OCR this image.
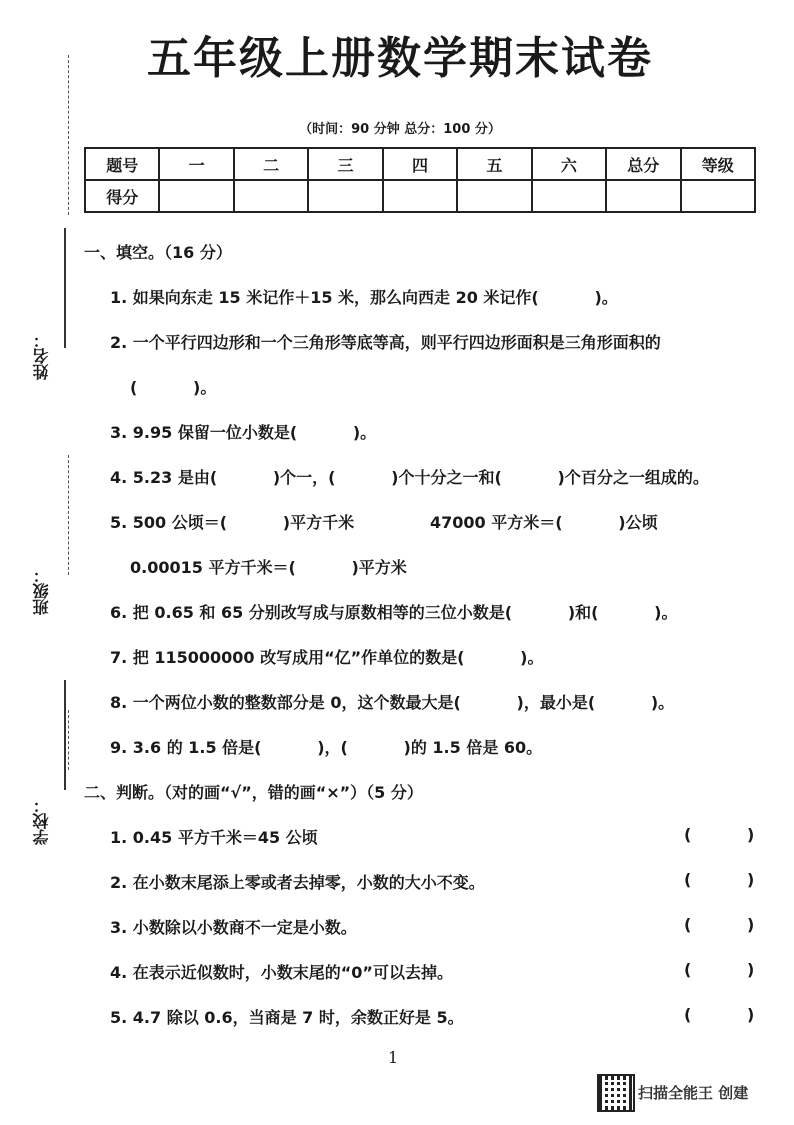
五年级上册数学期末试卷
（时间：90 分钟 总分：100 分）
题号	一	二	三	四	五	六	总分	等级
得分								
姓名：
班级：
学校：
一、填空。（16 分）
1. 如果向东走 15 米记作＋15 米，那么向西走 20 米记作(          )。
2. 一个平行四边形和一个三角形等底等高，则平行四边形面积是三角形面积的
(          )。
3. 9.95 保留一位小数是(          )。
4. 5.23 是由(          )个一，(          )个十分之一和(          )个百分之一组成的。
5. 500 公顷＝(          )平方千米	47000 平方米＝(          )公顷
0.00015 平方千米＝(          )平方米
6. 把 0.65 和 65 分别改写成与原数相等的三位小数是(          )和(          )。
7. 把 115000000 改写成用“亿”作单位的数是(          )。
8. 一个两位小数的整数部分是 0，这个数最大是(          )，最小是(          )。
9. 3.6 的 1.5 倍是(          )，(          )的 1.5 倍是 60。
二、判断。（对的画“√”，错的画“×”）（5 分）
1. 0.45 平方千米＝45 公顷	(          )
2. 在小数末尾添上零或者去掉零，小数的大小不变。	(          )
3. 小数除以小数商不一定是小数。	(          )
4. 在表示近似数时，小数末尾的“0”可以去掉。	(          )
5. 4.7 除以 0.6，当商是 7 时，余数正好是 5。	(          )
1
扫描全能王 创建
